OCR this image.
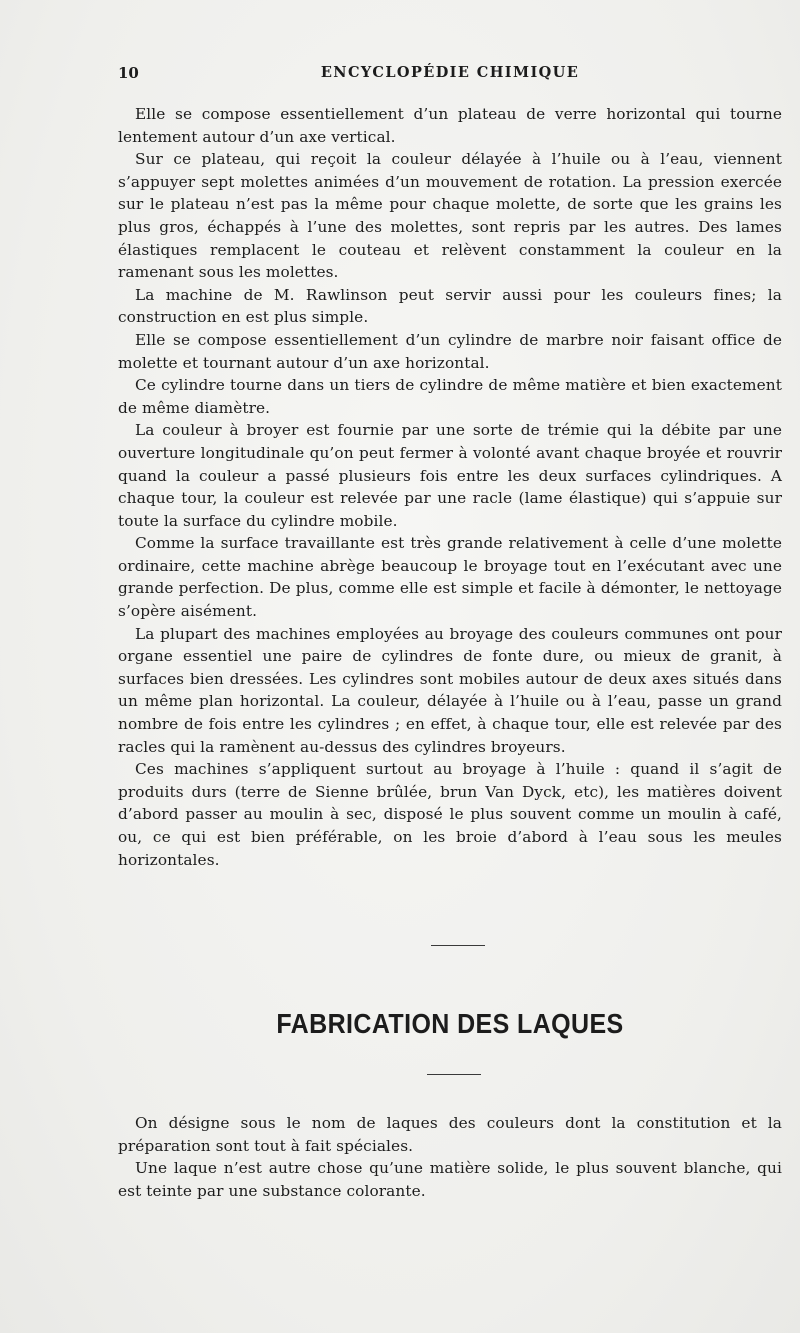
10	ENCYCLOPÉDIE CHIMIQUE

Elle se compose essentiellement d’un plateau de verre horizontal qui tourne lentement autour d’un axe vertical.

Sur ce plateau, qui reçoit la couleur délayée à l’huile ou à l’eau, viennent s’appuyer sept molettes animées d’un mouvement de rotation. La pression exercée sur le plateau n’est pas la même pour chaque molette, de sorte que les grains les plus gros, échappés à l’une des molettes, sont repris par les autres. Des lames élastiques remplacent le couteau et relèvent constamment la couleur en la ramenant sous les molettes.

La machine de M. Rawlinson peut servir aussi pour les couleurs fines; la construction en est plus simple.

Elle se compose essentiellement d’un cylindre de marbre noir faisant office de molette et tournant autour d’un axe horizontal.

Ce cylindre tourne dans un tiers de cylindre de même matière et bien exactement de même diamètre.

La couleur à broyer est fournie par une sorte de trémie qui la débite par une ouverture longitudinale qu’on peut fermer à volonté avant chaque broyée et rouvrir quand la couleur a passé plusieurs fois entre les deux surfaces cylindriques. A chaque tour, la couleur est relevée par une racle (lame élastique) qui s’appuie sur toute la surface du cylindre mobile.

Comme la surface travaillante est très grande relativement à celle d’une molette ordinaire, cette machine abrège beaucoup le broyage tout en l’exécutant avec une grande perfection. De plus, comme elle est simple et facile à démonter, le nettoyage s’opère aisément.

La plupart des machines employées au broyage des couleurs communes ont pour organe essentiel une paire de cylindres de fonte dure, ou mieux de granit, à surfaces bien dressées. Les cylindres sont mobiles autour de deux axes situés dans un même plan horizontal. La couleur, délayée à l’huile ou à l’eau, passe un grand nombre de fois entre les cylindres ; en effet, à chaque tour, elle est relevée par des racles qui la ramènent au-dessus des cylindres broyeurs.

Ces machines s’appliquent surtout au broyage à l’huile : quand il s’agit de produits durs (terre de Sienne brûlée, brun Van Dyck, etc), les matières doivent d’abord passer au moulin à sec, disposé le plus souvent comme un moulin à café, ou, ce qui est bien préférable, on les broie d’abord à l’eau sous les meules horizontales.

FABRICATION DES LAQUES

On désigne sous le nom de laques des couleurs dont la constitution et la préparation sont tout à fait spéciales.

Une laque n’est autre chose qu’une matière solide, le plus souvent blanche, qui est teinte par une substance colorante.
